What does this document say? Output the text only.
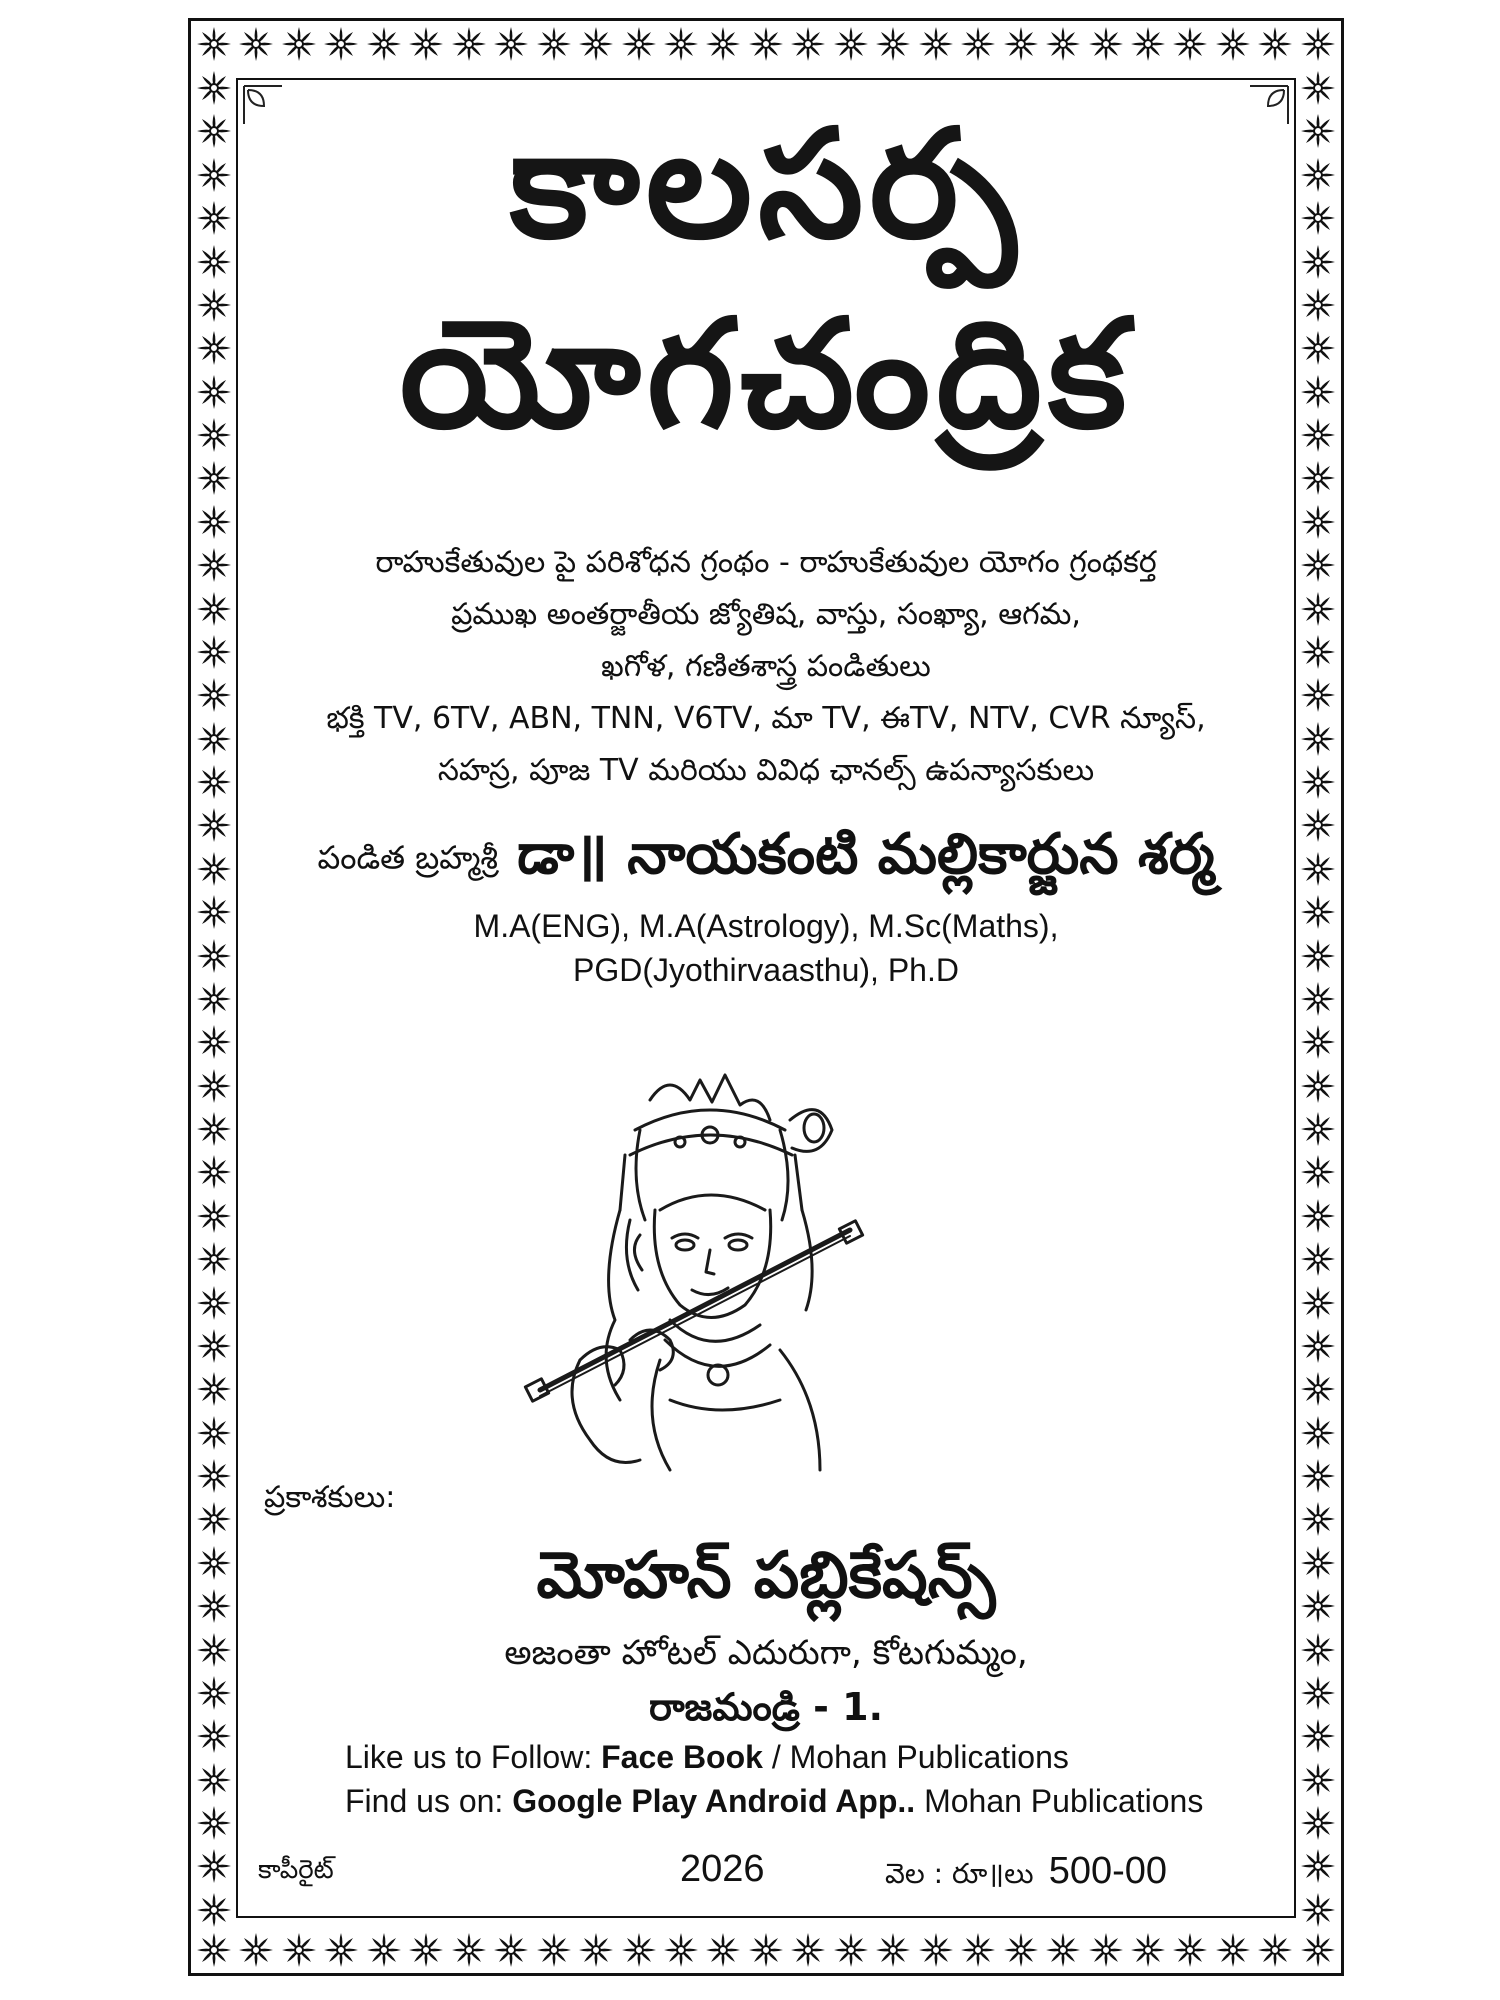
కాలసర్ప
యోగచంద్రిక
రాహుకేతువుల పై పరిశోధన గ్రంథం - రాహుకేతువుల యోగం గ్రంథకర్త
ప్రముఖ అంతర్జాతీయ జ్యోతిష, వాస్తు, సంఖ్యా, ఆగమ,
ఖగోళ, గణితశాస్త్ర పండితులు
భక్తి TV, 6TV, ABN, TNN, V6TV, మా TV, ఈTV, NTV, CVR న్యూస్,
సహస్ర, పూజ TV మరియు వివిధ ఛానల్స్ ఉపన్యాసకులు
పండిత బ్రహ్మశ్రీ డా॥ నాయకంటి మల్లికార్జున శర్మ
M.A(ENG), M.A(Astrology), M.Sc(Maths),
PGD(Jyothirvaasthu), Ph.D
ప్రకాశకులు:
మోహన్ పబ్లికేషన్స్
అజంతా హోటల్ ఎదురుగా, కోటగుమ్మం,
రాజమండ్రి - 1.
Like us to Follow: Face Book / Mohan Publications
Find us on: Google Play Android App.. Mohan Publications
కాపీరైట్	2026	వెల : రూ॥లు 500-00
